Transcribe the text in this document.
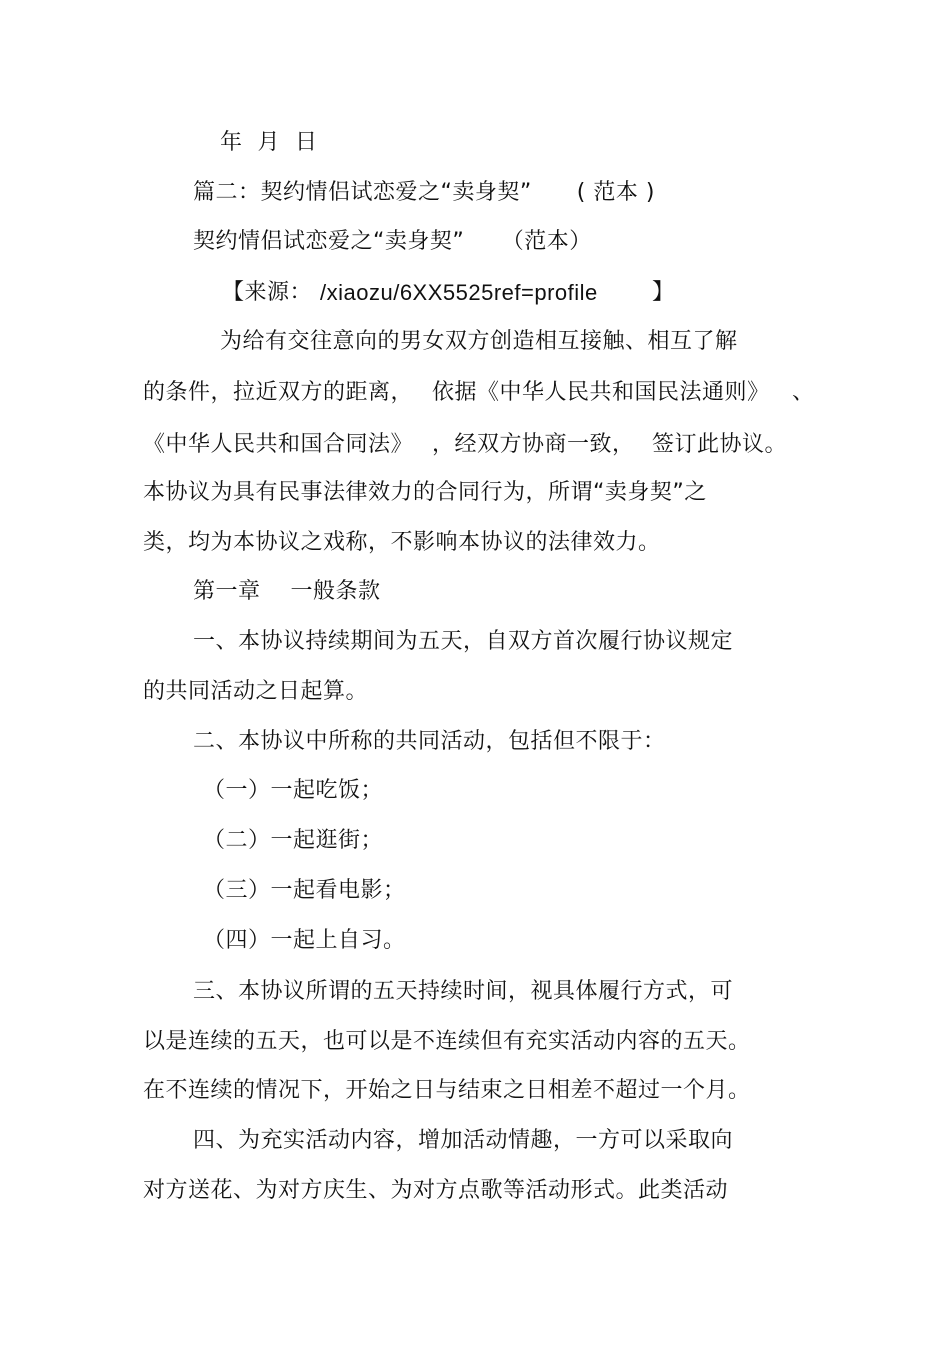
年  月  日
篇二：契约情侣试恋爱之“卖身契”      ( 范本 )
契约情侣试恋爱之“卖身契”     （范本）
【来源： /xiaozu/6XX5525ref=profile 】
为给有交往意向的男女双方创造相互接触、相互了解
的条件，拉近双方的距离， 依据《中华人民共和国民法通则》 、
《中华人民共和国合同法》 ，经双方协商一致， 签订此协议。
本协议为具有民事法律效力的合同行为，所谓“卖身契”之
类，均为本协议之戏称，不影响本协议的法律效力。
第一章    一般条款
一、本协议持续期间为五天，自双方首次履行协议规定
的共同活动之日起算。
二、本协议中所称的共同活动，包括但不限于：
（一）一起吃饭；
（二）一起逛街；
（三）一起看电影；
（四）一起上自习。
三、本协议所谓的五天持续时间，视具体履行方式，可
以是连续的五天，也可以是不连续但有充实活动内容的五天。
在不连续的情况下，开始之日与结束之日相差不超过一个月。
四、为充实活动内容，增加活动情趣，一方可以采取向
对方送花、为对方庆生、为对方点歌等活动形式。此类活动
